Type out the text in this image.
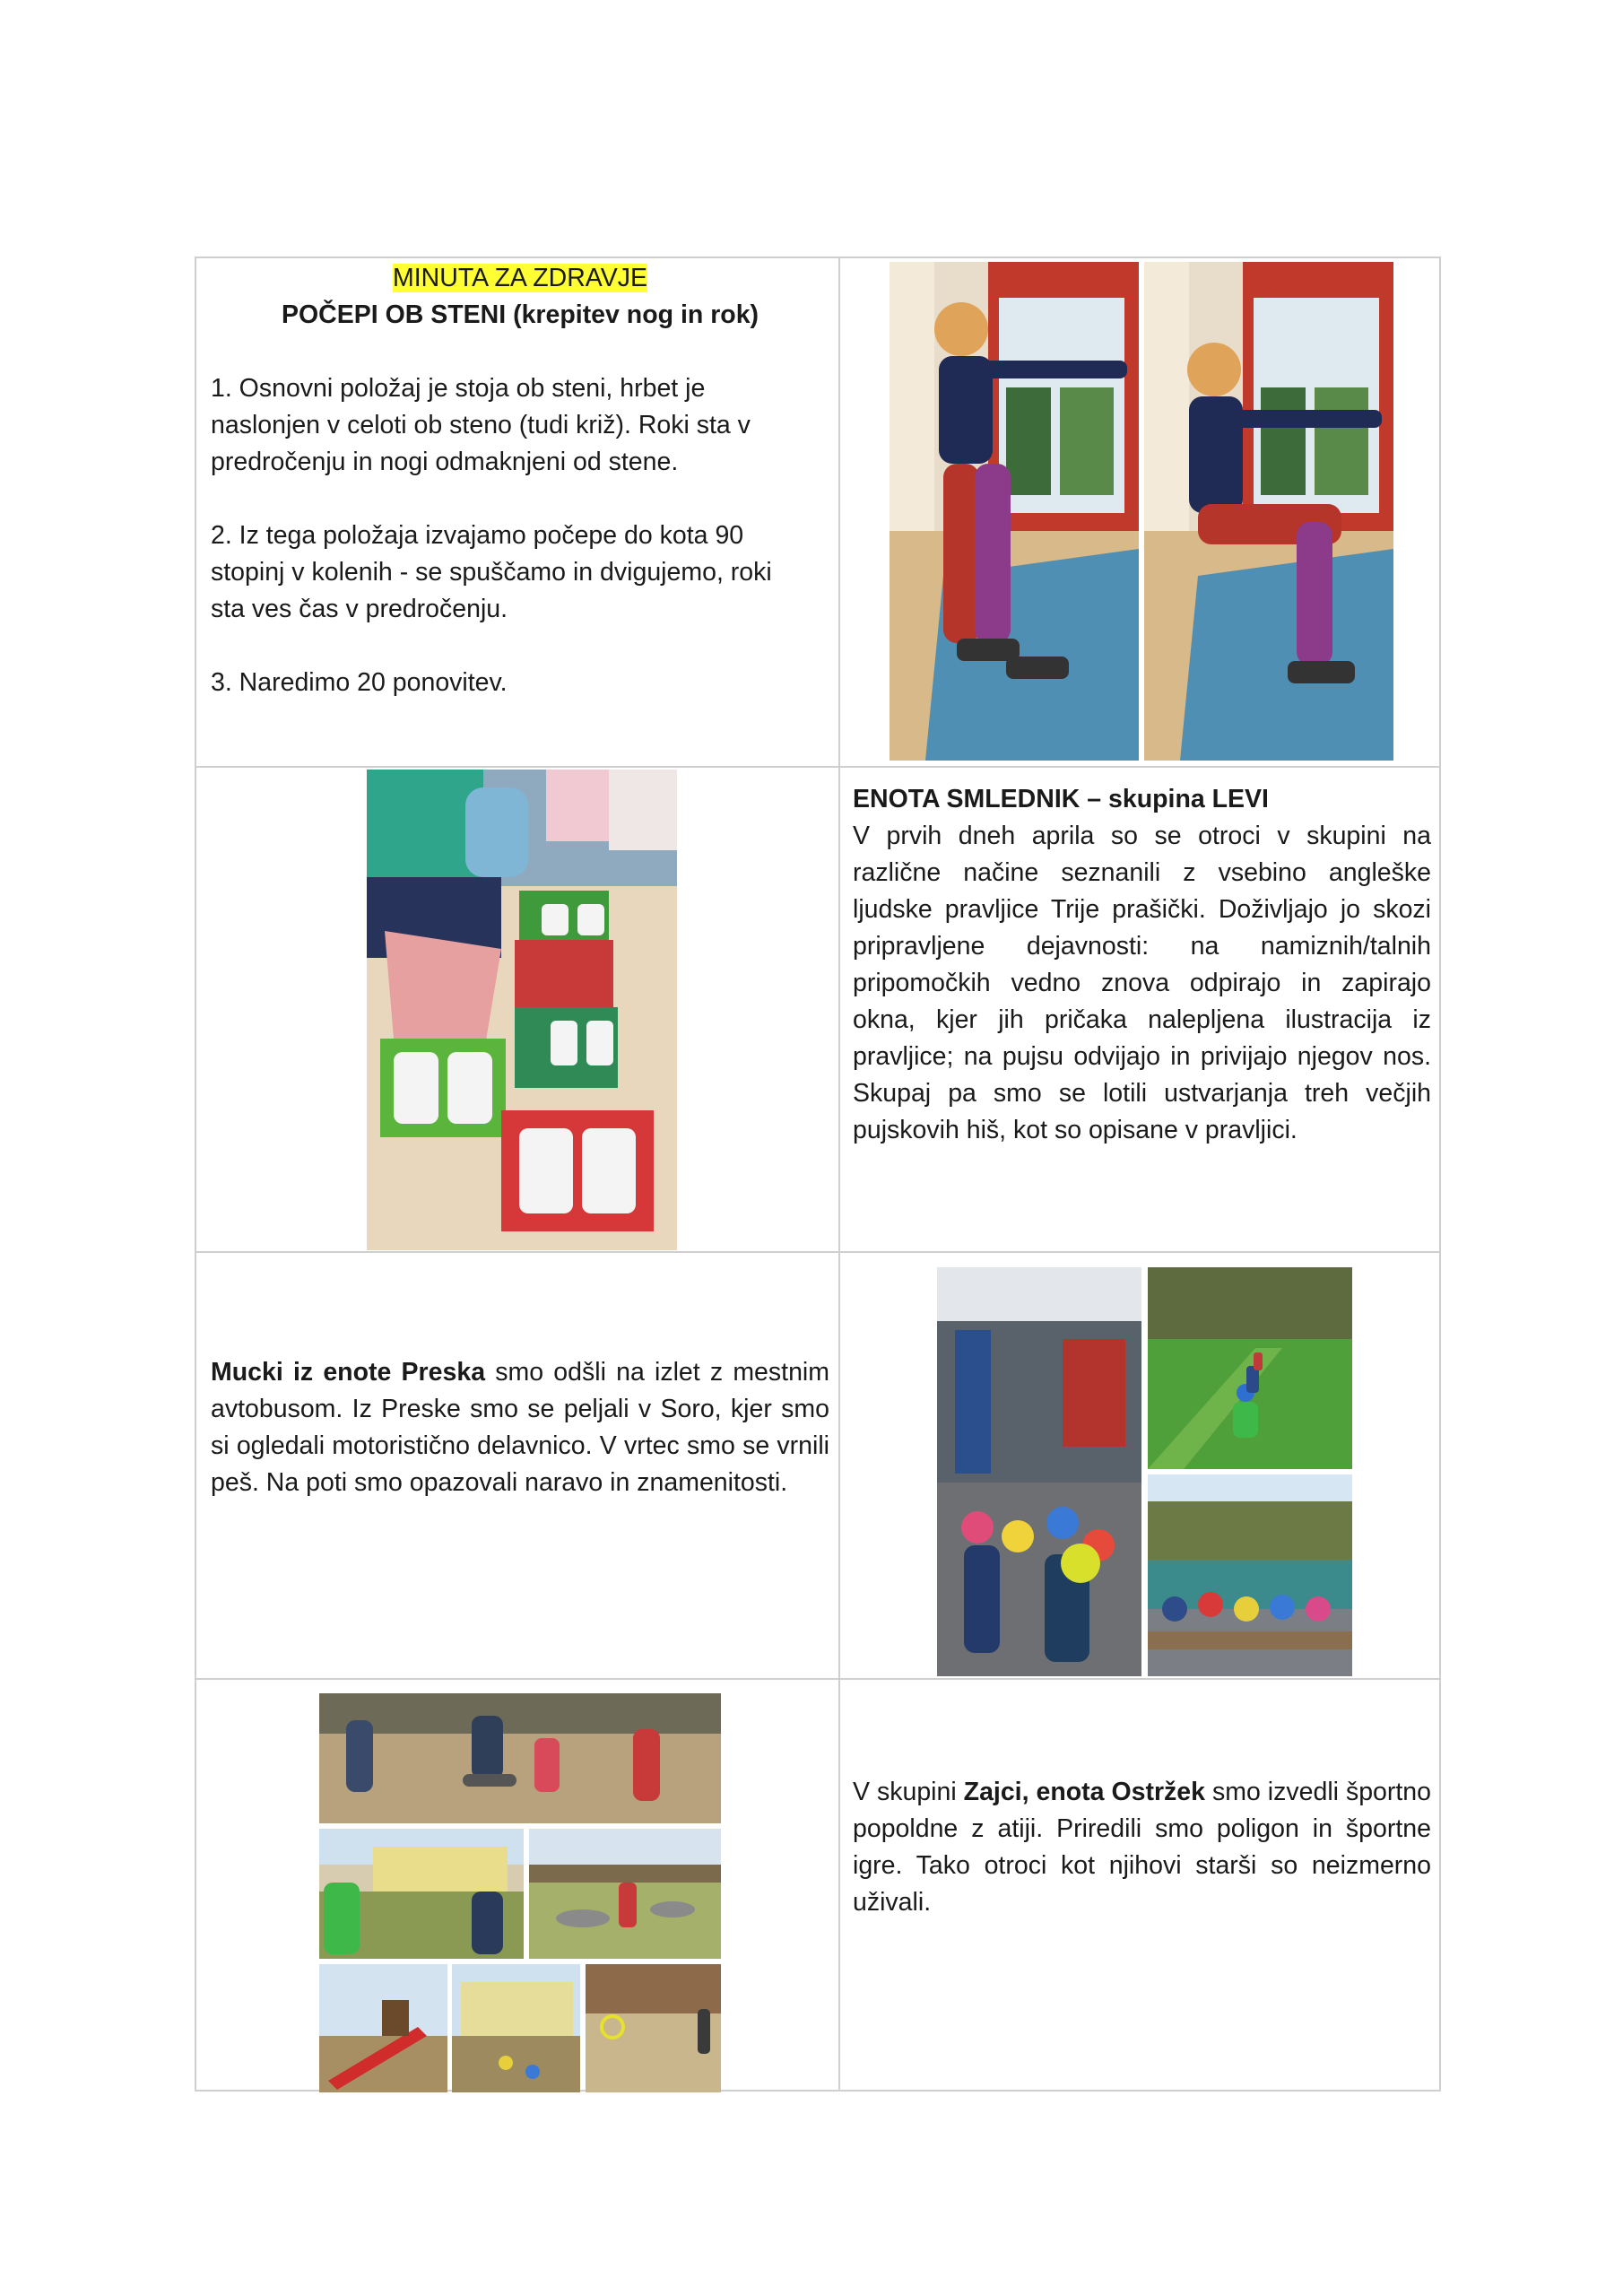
MINUTA ZA ZDRAVJE

POČEPI OB STENI (krepitev nog in rok)

1. Osnovni položaj je stoja ob steni, hrbet je

naslonjen v celoti ob steno (tudi križ). Roki sta v

predročenju in nogi odmaknjeni od stene.

2. Iz tega položaja izvajamo počepe do kota 90

stopinj v kolenih - se spuščamo in dvigujemo, roki

sta ves čas v predročenju.

3. Naredimo 20 ponovitev.

ENOTA SMLEDNIK – skupina LEVI

V prvih dneh aprila so se otroci v skupini na različne načine seznanili z vsebino angleške ljudske pravljice Trije prašički. Doživljajo jo skozi pripravljene dejavnosti: na namiznih/talnih pripomočkih vedno znova odpirajo in zapirajo okna, kjer jih pričaka nalepljena ilustracija iz pravljice; na pujsu odvijajo in privijajo njegov nos. Skupaj pa smo se lotili ustvarjanja treh večjih pujskovih hiš, kot so opisane v pravljici.

Mucki iz enote Preska smo odšli na izlet z mestnim avtobusom. Iz Preske smo se peljali v Soro, kjer smo si ogledali motoristično delavnico. V vrtec smo se vrnili peš. Na poti smo opazovali naravo in znamenitosti.

V skupini Zajci, enota Ostržek smo izvedli športno popoldne z atiji. Priredili smo poligon in športne igre. Tako otroci kot njihovi starši so neizmerno uživali.
